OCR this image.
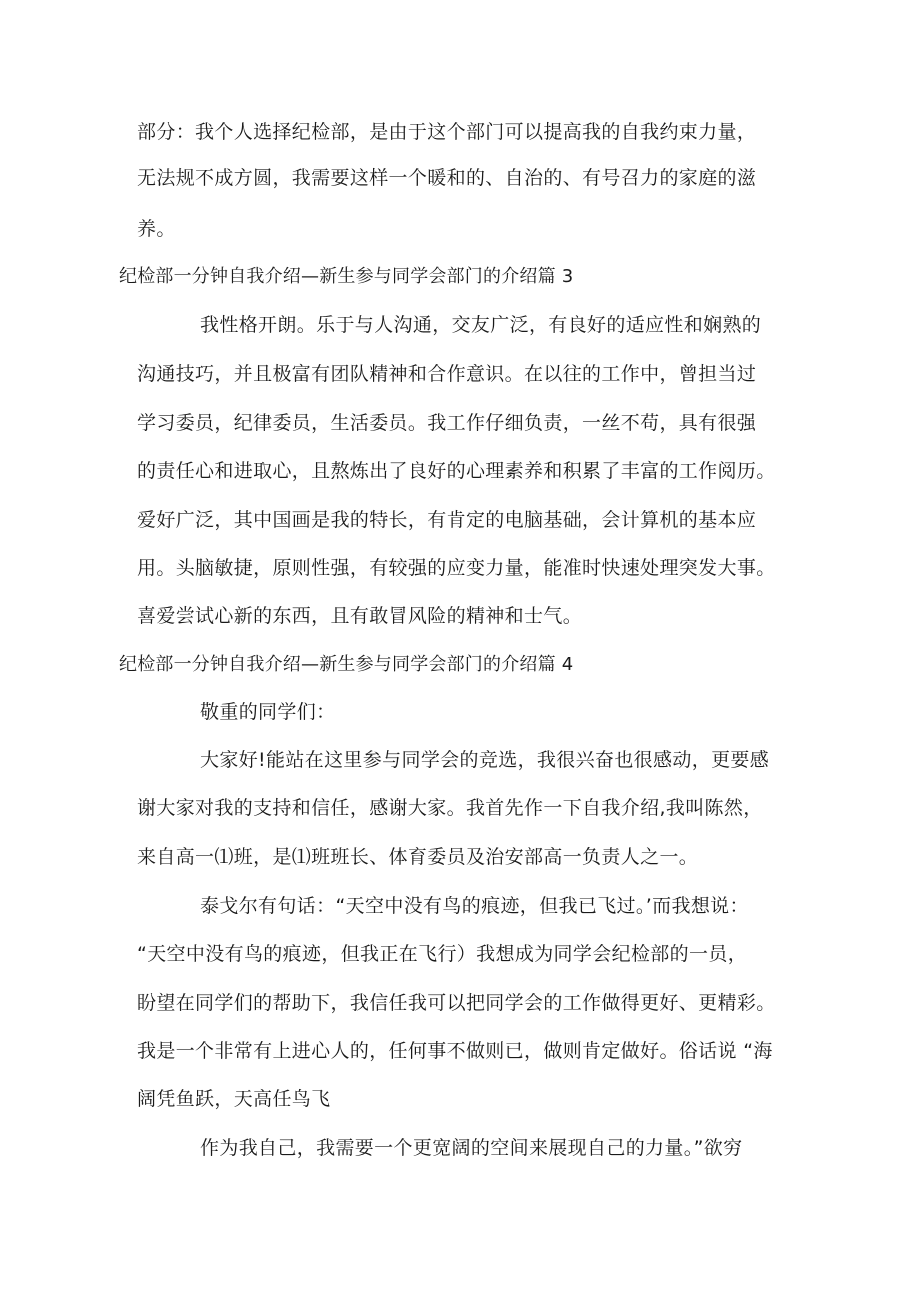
部分：我个人选择纪检部，是由于这个部门可以提高我的自我约束力量，
无法规不成方圆，我需要这样一个暖和的、自治的、有号召力的家庭的滋
养。
纪检部一分钟自我介绍—新生参与同学会部门的介绍篇 3
我性格开朗。乐于与人沟通，交友广泛，有良好的适应性和娴熟的
沟通技巧，并且极富有团队精神和合作意识。在以往的工作中，曾担当过
学习委员，纪律委员，生活委员。我工作仔细负责，一丝不苟，具有很强
的责任心和进取心，且熬炼出了良好的心理素养和积累了丰富的工作阅历。
爱好广泛，其中国画是我的特长，有肯定的电脑基础，会计算机的基本应
用。头脑敏捷，原则性强，有较强的应变力量，能准时快速处理突发大事。
喜爱尝试心新的东西，且有敢冒风险的精神和士气。
纪检部一分钟自我介绍—新生参与同学会部门的介绍篇 4
敬重的同学们：
大家好!能站在这里参与同学会的竞选，我很兴奋也很感动，更要感
谢大家对我的支持和信任，感谢大家。我首先作一下自我介绍,我叫陈然，
来自高一⑴班，是⑴班班长、体育委员及治安部高一负责人之一。
泰戈尔有句话：“天空中没有鸟的痕迹，但我已飞过。’而我想说：
“天空中没有鸟的痕迹，但我正在飞行）我想成为同学会纪检部的一员，
盼望在同学们的帮助下，我信任我可以把同学会的工作做得更好、更精彩。
我是一个非常有上进心人的，任何事不做则已，做则肯定做好。俗话说 “海
阔凭鱼跃，天高任鸟飞
作为我自己，我需要一个更宽阔的空间来展现自己的力量。”欲穷
